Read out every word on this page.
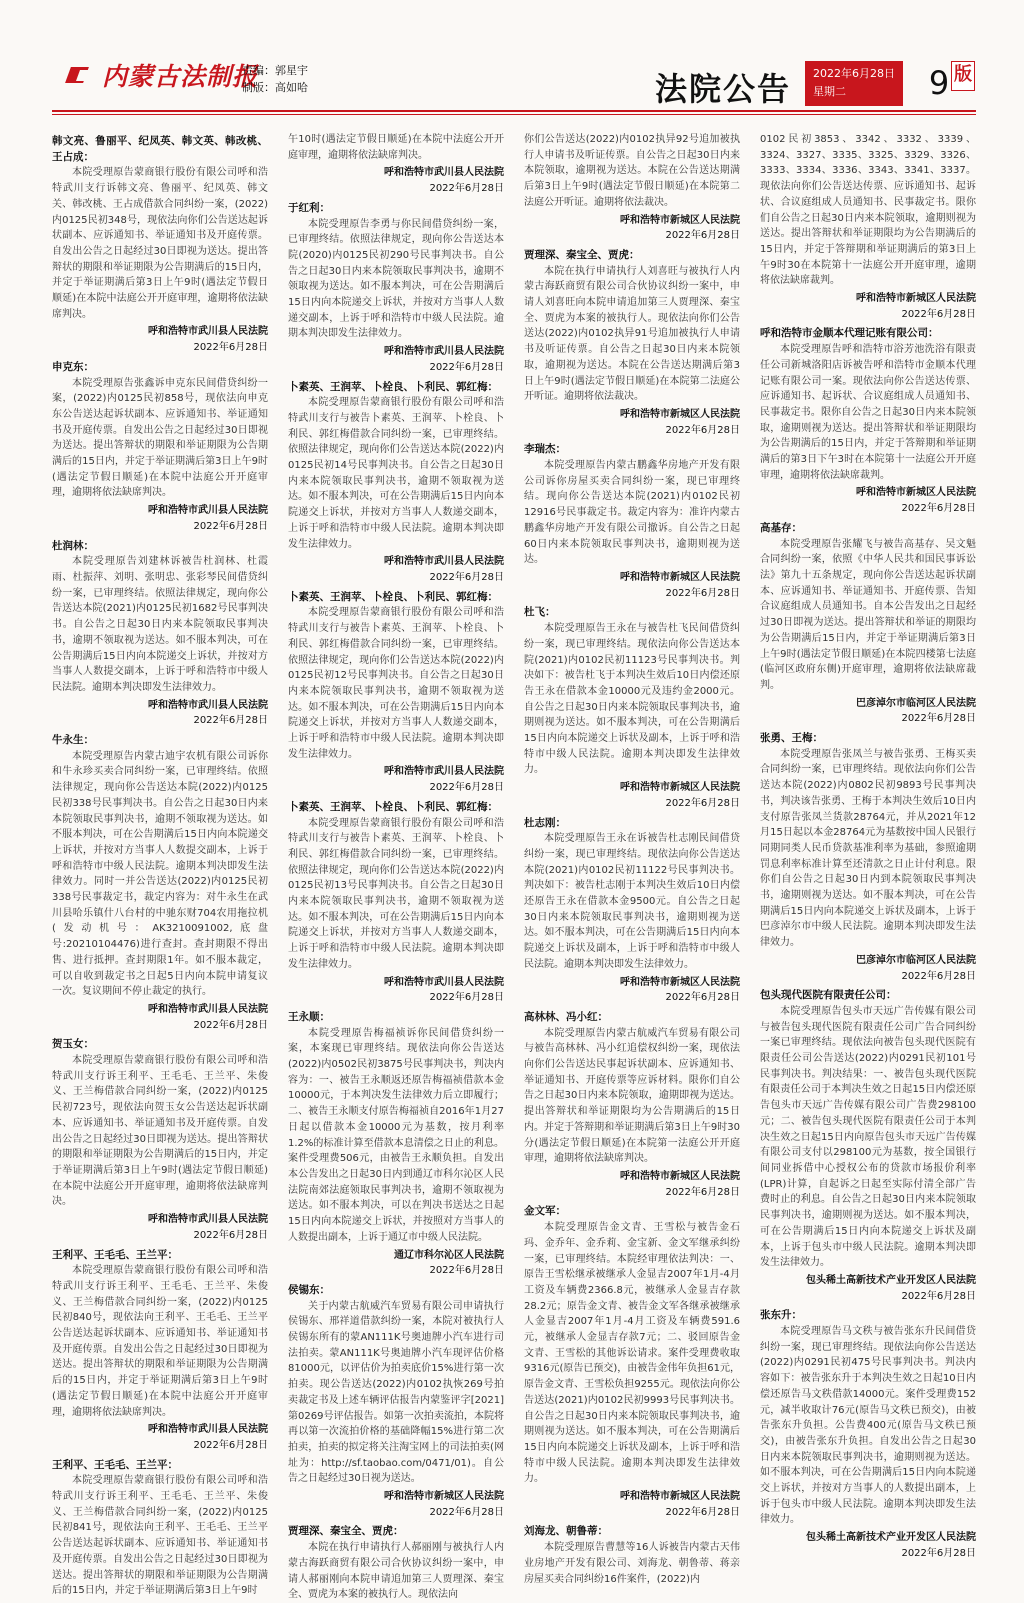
内蒙古法制报
责编：郭星宇
制版：高如哈	法院公告 2022年6月28日
星期二	9 版
韩文亮、鲁丽平、纪凤英、韩文英、韩改桃、王占成：
本院受理原告蒙商银行股份有限公司呼和浩特武川支行诉韩文亮、鲁丽平、纪凤英、韩文关、韩改桃、王占成借款合同纠纷一案，(2022)内0125民初348号，现依法向你们公告送达起诉状副本、应诉通知书、举证通知书及开庭传票。自发出公告之日起经过30日即视为送达。提出答辩状的期限和举证期限为公告期满后的15日内，并定于举证期满后第3日上午9时(遇法定节假日顺延)在本院中法庭公开开庭审理，逾期将依法缺席判决。
呼和浩特市武川县人民法院
2022年6月28日
申克东：
本院受理原告张鑫诉申克东民间借贷纠纷一案，(2022)内0125民初858号，现依法向申克东公告送达起诉状副本、应诉通知书、举证通知书及开庭传票。自发出公告之日起经过30日即视为送达。提出答辩状的期限和举证期限为公告期满后的15日内，并定于举证期满后第3日上午9时(遇法定节假日顺延)在本院中法庭公开开庭审理，逾期将依法缺席判决。
呼和浩特市武川县人民法院
2022年6月28日
杜润林：
本院受理原告刘建林诉被告杜润林、杜霞雨、杜振萍、刘明、张明忠、张彩琴民间借贷纠纷一案，已审理终结。依照法律规定，现向你公告送达本院(2021)内0125民初1682号民事判决书。自公告之日起30日内来本院领取民事判决书，逾期不领取视为送达。如不服本判决，可在公告期满后15日内向本院递交上诉状，并按对方当事人人数提交副本，上诉于呼和浩特市中级人民法院。逾期本判决即发生法律效力。
呼和浩特市武川县人民法院
2022年6月28日
牛永生：
本院受理原告内蒙古迪宇农机有限公司诉你和牛永珍买卖合同纠纷一案，已审理终结。依照法律规定，现向你公告送达本院(2022)内0125民初338号民事判决书。自公告之日起30日内来本院领取民事判决书，逾期不领取视为送达。如不服本判决，可在公告期满后15日内向本院递交上诉状，并按对方当事人人数提交副本，上诉于呼和浩特市中级人民法院。逾期本判决即发生法律效力。同时一并公告送达(2022)内0125民初338号民事裁定书，裁定内容为：对牛永生在武川县哈乐镇什八台村的中驰东财704农用拖拉机(发动机号：AK3210091002,底盘号:20210104476)进行查封。查封期限不得出售、进行抵押。查封期限1年。如不服本裁定，可以自收到裁定书之日起5日内向本院申请复议一次。复议期间不停止裁定的执行。
呼和浩特市武川县人民法院
2022年6月28日
贺玉女：
本院受理原告蒙商银行股份有限公司呼和浩特武川支行诉王利平、王毛毛、王兰平、朱俊义、王兰梅借款合同纠纷一案，(2022)内0125民初723号，现依法向贺玉女公告送达起诉状副本、应诉通知书、举证通知书及开庭传票。自发出公告之日起经过30日即视为送达。提出答辩状的期限和举证期限为公告期满后的15日内，并定于举证期满后第3日上午9时(遇法定节假日顺延)在本院中法庭公开开庭审理，逾期将依法缺席判决。
呼和浩特市武川县人民法院
2022年6月28日
王利平、王毛毛、王兰平：
本院受理原告蒙商银行股份有限公司呼和浩特武川支行诉王利平、王毛毛、王兰平、朱俊义、王兰梅借款合同纠纷一案，(2022)内0125民初840号，现依法向王利平、王毛毛、王兰平公告送达起诉状副本、应诉通知书、举证通知书及开庭传票。自发出公告之日起经过30日即视为送达。提出答辩状的期限和举证期限为公告期满后的15日内，并定于举证期满后第3日上午9时(遇法定节假日顺延)在本院中法庭公开开庭审理，逾期将依法缺席判决。
呼和浩特市武川县人民法院
2022年6月28日
王利平、王毛毛、王兰平：
本院受理原告蒙商银行股份有限公司呼和浩特武川支行诉王利平、王毛毛、王兰平、朱俊义、王兰梅借款合同纠纷一案，(2022)内0125民初841号，现依法向王利平、王毛毛、王兰平公告送达起诉状副本、应诉通知书、举证通知书及开庭传票。自发出公告之日起经过30日即视为送达。提出答辩状的期限和举证期限为公告期满后的15日内，并定于举证期满后第3日上午9时
午10时(遇法定节假日顺延)在本院中法庭公开开庭审理，逾期将依法缺席判决。
呼和浩特市武川县人民法院
2022年6月28日
于红利：
本院受理原告李勇与你民间借贷纠纷一案，已审理终结。依照法律规定，现向你公告送达本院(2020)内0125民初290号民事判决书。自公告之日起30日内来本院领取民事判决书，逾期不领取视为送达。如不服本判决，可在公告期满后15日内向本院递交上诉状，并按对方当事人人数递交副本，上诉于呼和浩特市中级人民法院。逾期本判决即发生法律效力。
呼和浩特市武川县人民法院
2022年6月28日
卜素英、王润苹、卜栓良、卜利民、郭红梅：
本院受理原告蒙商银行股份有限公司呼和浩特武川支行与被告卜素英、王润苹、卜栓良、卜利民、郭红梅借款合同纠纷一案，已审理终结。依照法律规定，现向你们公告送达本院(2022)内0125民初14号民事判决书。自公告之日起30日内来本院领取民事判决书，逾期不领取视为送达。如不服本判决，可在公告期满后15日内向本院递交上诉状，并按对方当事人人数递交副本，上诉于呼和浩特市中级人民法院。逾期本判决即发生法律效力。
呼和浩特市武川县人民法院
2022年6月28日
卜素英、王润苹、卜栓良、卜利民、郭红梅：
本院受理原告蒙商银行股份有限公司呼和浩特武川支行与被告卜素英、王润苹、卜栓良、卜利民、郭红梅借款合同纠纷一案，已审理终结。依照法律规定，现向你们公告送达本院(2022)内0125民初12号民事判决书。自公告之日起30日内来本院领取民事判决书，逾期不领取视为送达。如不服本判决，可在公告期满后15日内向本院递交上诉状，并按对方当事人人数递交副本，上诉于呼和浩特市中级人民法院。逾期本判决即发生法律效力。
呼和浩特市武川县人民法院
2022年6月28日
卜素英、王润苹、卜栓良、卜利民、郭红梅：
本院受理原告蒙商银行股份有限公司呼和浩特武川支行与被告卜素英、王润苹、卜栓良、卜利民、郭红梅借款合同纠纷一案，已审理终结。依照法律规定，现向你们公告送达本院(2022)内0125民初13号民事判决书。自公告之日起30日内来本院领取民事判决书，逾期不领取视为送达。如不服本判决，可在公告期满后15日内向本院递交上诉状，并按对方当事人人数递交副本，上诉于呼和浩特市中级人民法院。逾期本判决即发生法律效力。
呼和浩特市武川县人民法院
2022年6月28日
王永顺：
本院受理原告梅福祯诉你民间借贷纠纷一案，本案现已审理终结。现依法向你公告送达(2022)内0502民初3875号民事判决书，判决内容为：一、被告王永顺返还原告梅福祯借款本金10000元，于本判决发生法律效力后立即履行；二、被告王永顺支付原告梅福祯自2016年1月27日起以借款本金10000元为基数，按月利率1.2%的标准计算至借款本息清偿之日止的利息。案件受理费506元，由被告王永顺负担。自发出本公告发出之日起30日内到通辽市科尔沁区人民法院南郊法庭领取民事判决书，逾期不领取视为送达。如不服本判决，可以在判决书送达之日起15日内向本院递交上诉状，并按照对方当事人的人数提出副本，上诉于通辽市中级人民法院。
通辽市科尔沁区人民法院
2022年6月28日
侯锡东：
关于内蒙古航威汽车贸易有限公司申请执行侯锡东、邢祥道借款纠纷一案，本院对被执行人侯锡东所有的蒙AN111K号奥迪牌小汽车进行司法拍卖。蒙AN111K号奥迪牌小汽车现评估价格81000元，以评估价为拍卖底价15%进行第一次拍卖。现公告送达(2022)内0102执恢269号拍卖裁定书及上述车辆评估报告内蒙鉴评字[2021]第0269号评估报告。如第一次拍卖流拍，本院将再以第一次流拍价格的基础降幅15%进行第二次拍卖，拍卖的拟定将关注淘宝网上的司法拍卖(网址为：http://sf.taobao.com/0471/01)。自公告之日起经过30日视为送达。
呼和浩特市新城区人民法院
2022年6月28日
贾理深、秦宝全、贾虎：
本院在执行申请执行人郝丽刚与被执行人内蒙古海跃商贸有限公司合伙协议纠纷一案中，申请人郝丽刚向本院申请追加第三人贾理深、秦宝全、贾虎为本案的被执行人。现依法向
你们公告送达(2022)内0102执异92号追加被执行人申请书及听证传票。自公告之日起30日内来本院领取，逾期视为送达。本院在公告送达期满后第3日上午9时(遇法定节假日顺延)在本院第二法庭公开听证。逾期将依法裁决。
呼和浩特市新城区人民法院
2022年6月28日
贾理深、秦宝全、贾虎：
本院在执行申请执行人刘喜旺与被执行人内蒙古海跃商贸有限公司合伙协议纠纷一案中，申请人刘喜旺向本院申请追加第三人贾理深、秦宝全、贾虎为本案的被执行人。现依法向你们公告送达(2022)内0102执异91号追加被执行人申请书及听证传票。自公告之日起30日内来本院领取，逾期视为送达。本院在公告送达期满后第3日上午9时(遇法定节假日顺延)在本院第二法庭公开听证。逾期将依法裁决。
呼和浩特市新城区人民法院
2022年6月28日
李瑞杰：
本院受理原告内蒙古鹏鑫华房地产开发有限公司诉你房屋买卖合同纠纷一案，现已审理终结。现向你公告送达本院(2021)内0102民初12916号民事裁定书。裁定内容为：准许内蒙古鹏鑫华房地产开发有限公司撤诉。自公告之日起60日内来本院领取民事判决书，逾期则视为送达。
呼和浩特市新城区人民法院
2022年6月28日
杜飞：
本院受理原告王永在与被告杜飞民间借贷纠纷一案，现已审理终结。现依法向你公告送达本院(2021)内0102民初11123号民事判决书。判决如下：被告杜飞于本判决生效后10日内偿还原告王永在借款本金10000元及违约金2000元。自公告之日起30日内来本院领取民事判决书，逾期则视为送达。如不服本判决，可在公告期满后15日内向本院递交上诉状及副本，上诉于呼和浩特市中级人民法院。逾期本判决即发生法律效力。
呼和浩特市新城区人民法院
2022年6月28日
杜志刚：
本院受理原告王永在诉被告杜志刚民间借贷纠纷一案，现已审理终结。现依法向你公告送达本院(2021)内0102民初11122号民事判决书。判决如下：被告杜志刚于本判决生效后10日内偿还原告王永在借款本金9500元。自公告之日起30日内来本院领取民事判决书，逾期则视为送达。如不服本判决，可在公告期满后15日内向本院递交上诉状及副本，上诉于呼和浩特市中级人民法院。逾期本判决即发生法律效力。
呼和浩特市新城区人民法院
2022年6月28日
高林林、冯小红：
本院受理原告内蒙古航威汽车贸易有限公司与被告高林林、冯小红追偿权纠纷一案，现依法向你们公告送达民事起诉状副本、应诉通知书、举证通知书、开庭传票等应诉材料。限你们自公告之日起30日内来本院领取，逾期即视为送达。提出答辩状和举证期限均为公告期满后的15日内。并定于答辩期和举证期满后第3日上午9时30分(遇法定节假日顺延)在本院第一法庭公开开庭审理，逾期将依法缺席判决。
呼和浩特市新城区人民法院
2022年6月28日
金文军：
本院受理原告金文青、王雪松与被告金石玛、金乔年、金乔莉、金宝新、金文军继承纠纷一案，已审理终结。本院经审理依法判决：一、原告王雪松继承被继承人金显吉2007年1月-4月工资及车辆费2366.8元，被继承人金显吉存款28.2元；原告金文青、被告金文军各继承被继承人金显吉2007年1月-4月工资及车辆费591.6元，被继承人金显吉存款7元；二、驳回原告金文青、王雪松的其他诉讼请求。案件受理费收取9316元(原告已预交)，由被告金伟年负担61元，原告金文青、王雪松负担9255元。现依法向你公告送达(2021)内0102民初9993号民事判决书。自公告之日起30日内来本院领取民事判决书，逾期则视为送达。如不服本判决，可在公告期满后15日内向本院递交上诉状及副本，上诉于呼和浩特市中级人民法院。逾期本判决即发生法律效力。
呼和浩特市新城区人民法院
2022年6月28日
刘海龙、朝鲁蒂：
本院受理原告曹慧等16人诉被告内蒙古天伟业房地产开发有限公司、刘海龙、朝鲁蒂、蒋亲房屋买卖合同纠纷16件案件，(2022)内
0102民初3853、3342、3332、3339、3324、3327、3335、3325、3329、3326、3333、3334、3336、3343、3341、3337。现依法向你们公告送达传票、应诉通知书、起诉状、合议庭组成人员通知书、民事裁定书。限你们自公告之日起30日内来本院领取，逾期则视为送达。提出答辩状和举证期限均为公告期满后的15日内，并定于答辩期和举证期满后的第3日上午9时30在本院第十一法庭公开开庭审理，逾期将依法缺席裁判。
呼和浩特市新城区人民法院
2022年6月28日
呼和浩特市金顺本代理记账有限公司：
本院受理原告呼和浩特市浴芳池洗浴有限责任公司新城洛阳店诉被告呼和浩特市金顺本代理记账有限公司一案。现依法向你公告送达传票、应诉通知书、起诉状、合议庭组成人员通知书、民事裁定书。限你自公告之日起30日内来本院领取，逾期则视为送达。提出答辩状和举证期限均为公告期满后的15日内，并定于答辩期和举证期满后的第3日下午3时在本院第十一法庭公开开庭审理，逾期将依法缺席裁判。
呼和浩特市新城区人民法院
2022年6月28日
高基存：
本院受理原告张耀飞与被告高基存、吴文魁合同纠纷一案，依照《中华人民共和国民事诉讼法》第九十五条规定，现向你公告送达起诉状副本、应诉通知书、举证通知书、开庭传票、告知合议庭组成人员通知书。自本公告发出之日起经过30日即视为送达。提出答辩状和举证的期限均为公告期满后15日内，并定于举证期满后第3日上午9时(遇法定节假日顺延)在本院四楼第七法庭(临河区政府东侧)开庭审理，逾期将依法缺席裁判。
巴彦淖尔市临河区人民法院
2022年6月28日
张勇、王梅：
本院受理原告张凤兰与被告张勇、王梅买卖合同纠纷一案，已审理终结。现依法向你们公告送达本院(2022)内0802民初9893号民事判决书，判决该告张勇、王梅于本判决生效后10日内支付原告张凤兰货款28764元，并从2021年12月15日起以本金28764元为基数按中国人民银行同期同类人民币贷款基准利率为基础，参照逾期罚息利率标准计算至还清款之日止计付利息。限你们自公告之日起30日内到本院领取民事判决书，逾期则视为送达。如不服本判决，可在公告期满后15日内向本院递交上诉状及副本，上诉于巴彦淖尔市中级人民法院。逾期本判决即发生法律效力。
巴彦淖尔市临河区人民法院
2022年6月28日
包头现代医院有限责任公司：
本院受理原告包头市天远广告传媒有限公司与被告包头现代医院有限责任公司广告合同纠纷一案已审理终结。现依法向被告包头现代医院有限责任公司公告送达(2022)内0291民初101号民事判决书。判决结果：一、被告包头现代医院有限责任公司于本判决生效之日起15日内偿还原告包头市天远广告传媒有限公司广告费298100元；二、被告包头现代医院有限责任公司于本判决生效之日起15日内向原告包头市天远广告传媒有限公司支付以298100元为基数，按全国银行间同业拆借中心授权公布的贷款市场报价利率(LPR)计算，自起诉之日起至实际付清全部广告费时止的利息。自公告之日起30日内来本院领取民事判决书，逾期则视为送达。如不服本判决，可在公告期满后15日内向本院递交上诉状及副本，上诉于包头市中级人民法院。逾期本判决即发生法律效力。
包头稀土高新技术产业开发区人民法院
2022年6月28日
张东升：
本院受理原告马文秩与被告张东升民间借贷纠纷一案，现已审理终结。现依法向你公告送达(2022)内0291民初475号民事判决书。判决内容如下：被告张东升于本判决生效之日起10日内偿还原告马文秩借款14000元。案件受理费152元，减半收取计76元(原告马文秩已预交)，由被告张东升负担。公告费400元(原告马文秩已预交)，由被告张东升负担。自发出公告之日起30日内来本院领取民事判决书，逾期则视为送达。如不服本判决，可在公告期满后15日内向本院递交上诉状，并按对方当事人的人数提出副本，上诉于包头市中级人民法院。逾期本判决即发生法律效力。
包头稀土高新技术产业开发区人民法院
2022年6月28日
